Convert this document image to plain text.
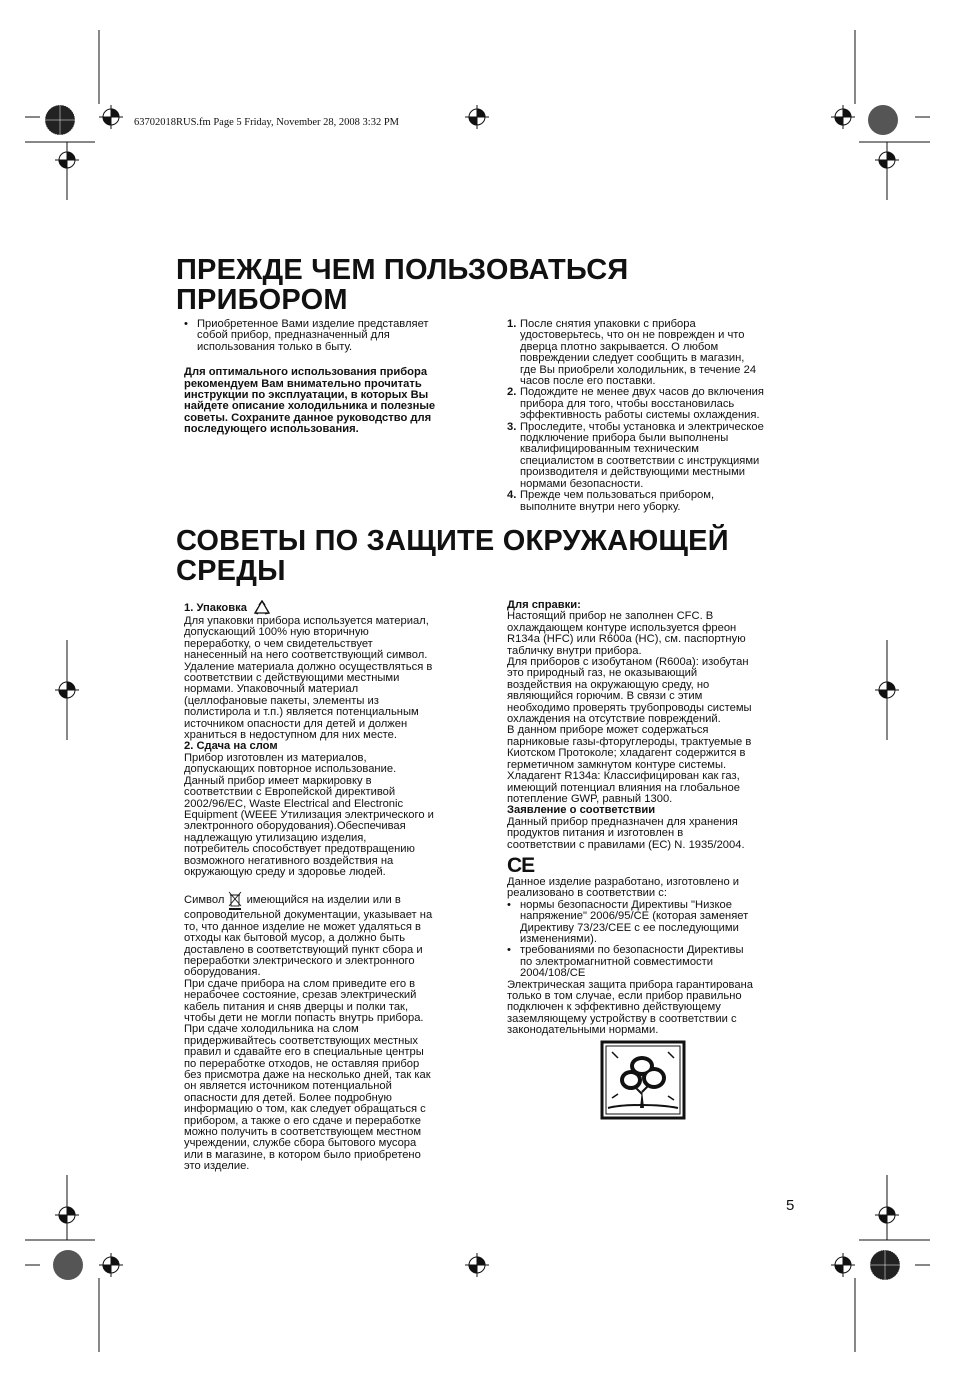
63702018RUS.fm Page 5 Friday, November 28, 2008 3:32 PM
ПРЕЖДЕ ЧЕМ ПОЛЬЗОВАТЬСЯ
ПРИБОРОМ
• Приобретенное Вами изделие представляет

собой прибор, предназначенный для

использования только в быту.

Для оптимального использования прибора

рекомендуем Вам внимательно прочитать

инструкции по эксплуатации, в которых Вы

найдете описание холодильника и полезные

советы. Сохраните данное руководство для

последующего использования.

1. После снятия упаковки с прибора

удостоверьтесь, что он не поврежден и что

дверца плотно закрывается. О любом

повреждении следует сообщить в магазин,

где Вы приобрели холодильник, в течение 24

часов после его поставки.

2. Подождите не менее двух часов до включения

прибора для того, чтобы восстановилась

эффективность работы системы охлаждения.

3. Проследите, чтобы установка и электрическое

подключение прибора были выполнены

квалифицированным техническим

специалистом в соответствии с инструкциями

производителя и действующими местными

нормами безопасности.

4. Прежде чем пользоваться прибором,

выполните внутри него уборку.

СОВЕТЫ ПО ЗАЩИТЕ ОКРУЖАЮЩЕЙ
СРЕДЫ

1. Упаковка

Для упаковки прибора используется материал,

допускающий 100% ную вторичную

переработку, о чем свидетельствует

нанесенный на него соответствующий символ.

Удаление материала должно осуществляться в

соответствии с действующими местными

нормами. Упаковочный материал

(целлофановые пакеты, элементы из

полистирола и т.п.) является потенциальным

источником опасности для детей и должен

храниться в недоступном для них месте.

2. Сдача на слом

Прибор изготовлен из материалов,

допускающих повторное использование.

Данный прибор имеет маркировку в

соответствии с Европейской директивой

2002/96/EC, Waste Electrical and Electronic

Equipment (WEEE Утилизация электрического и

электронного оборудования).Обеспечивая

надлежащую утилизацию изделия,

потребитель способствует предотвращению

возможного негативного воздействия на

окружающую среду и здоровье людей.

Символ имеющийся на изделии или в

сопроводительной документации, указывает на

то, что данное изделие не может удаляться в

отходы как бытовой мусор, а должно быть

доставлено в соответствующий пункт сбора и

переработки электрического и электронного

оборудования.

При сдаче прибора на слом приведите его в

нерабочее состояние, срезав электрический

кабель питания и сняв дверцы и полки так,

чтобы дети не могли попасть внутрь прибора.

При сдаче холодильника на слом

придерживайтесь соответствующих местных

правил и сдавайте его в специальные центры

по переработке отходов, не оставляя прибор

без присмотра даже на несколько дней, так как

он является источником потенциальной

опасности для детей. Более подробную

информацию о том, как следует обращаться с

прибором, а также о его сдаче и переработке

можно получить в соответствующем местном

учреждении, службе сбора бытового мусора

или в магазине, в котором было приобретено

это изделие.

Для справки:

Настоящий прибор не заполнен CFC. В

охлаждающем контуре используется фреон

R134a (HFC) или R600a (HC), см. паспортную

табличку внутри прибора.

Для приборов с изобутаном (R600a): изобутан

это природный газ, не оказывающий

воздействия на окружающую среду, но

являющийся горючим. В связи с этим

необходимо проверять трубопроводы системы

охлаждения на отсутствие повреждений.

В данном приборе может содержаться

парниковые газы-фторуглероды, трактуемые в

Киотском Протоколе; хладагент содержится в

герметичном замкнутом контуре системы.

Хладагент R134a: Классифицирован как газ,

имеющий потенциал влияния на глобальное

потепление GWP, равный 1300.

Заявление о соответствии

Данный прибор предназначен для хранения

продуктов питания и изготовлен в

соответствии с правилами (EC) N. 1935/2004.

CE

Данное изделие разработано, изготовлено и

реализовано в соответствии с:

• нормы безопасности Директивы "Низкое

напряжение" 2006/95/CE (которая заменяет

Директиву 73/23/CEE с ее последующими

изменениями).

• требованиями по безопасности Директивы

по электромагнитной совместимости

2004/108/CE

Электрическая защита прибора гарантирована

только в том случае, если прибор правильно

подключен к эффективно действующему

заземляющему устройству в соответствии с

законодательными нормами.

5
